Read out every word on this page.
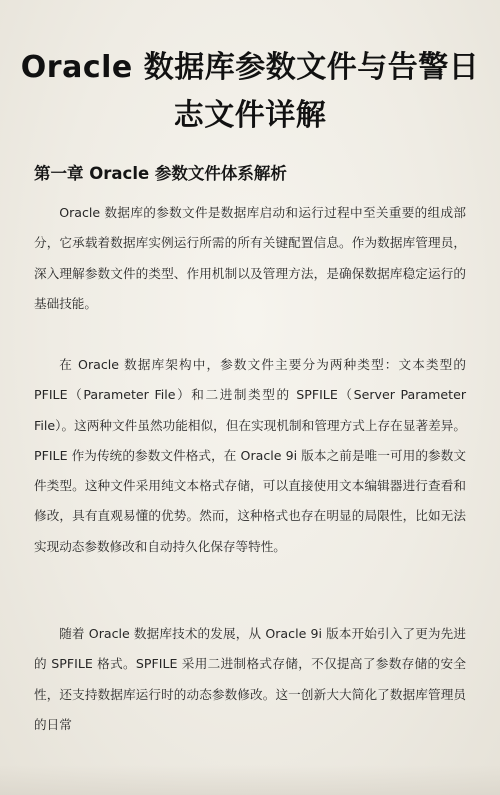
Oracle 数据库参数文件与告警日志文件详解
第一章 Oracle 参数文件体系解析

Oracle 数据库的参数文件是数据库启动和运行过程中至关重要的组成部分，它承载着数据库实例运行所需的所有关键配置信息。作为数据库管理员，深入理解参数文件的类型、作用机制以及管理方法，是确保数据库稳定运行的基础技能。

在 Oracle 数据库架构中，参数文件主要分为两种类型：文本类型的 PFILE（Parameter File）和二进制类型的 SPFILE（Server Parameter File）。这两种文件虽然功能相似，但在实现机制和管理方式上存在显著差异。PFILE 作为传统的参数文件格式，在 Oracle 9i 版本之前是唯一可用的参数文件类型。这种文件采用纯文本格式存储，可以直接使用文本编辑器进行查看和修改，具有直观易懂的优势。然而，这种格式也存在明显的局限性，比如无法实现动态参数修改和自动持久化保存等特性。

随着 Oracle 数据库技术的发展，从 Oracle 9i 版本开始引入了更为先进的 SPFILE 格式。SPFILE 采用二进制格式存储，不仅提高了参数存储的安全性，还支持数据库运行时的动态参数修改。这一创新大大简化了数据库管理员的日常
